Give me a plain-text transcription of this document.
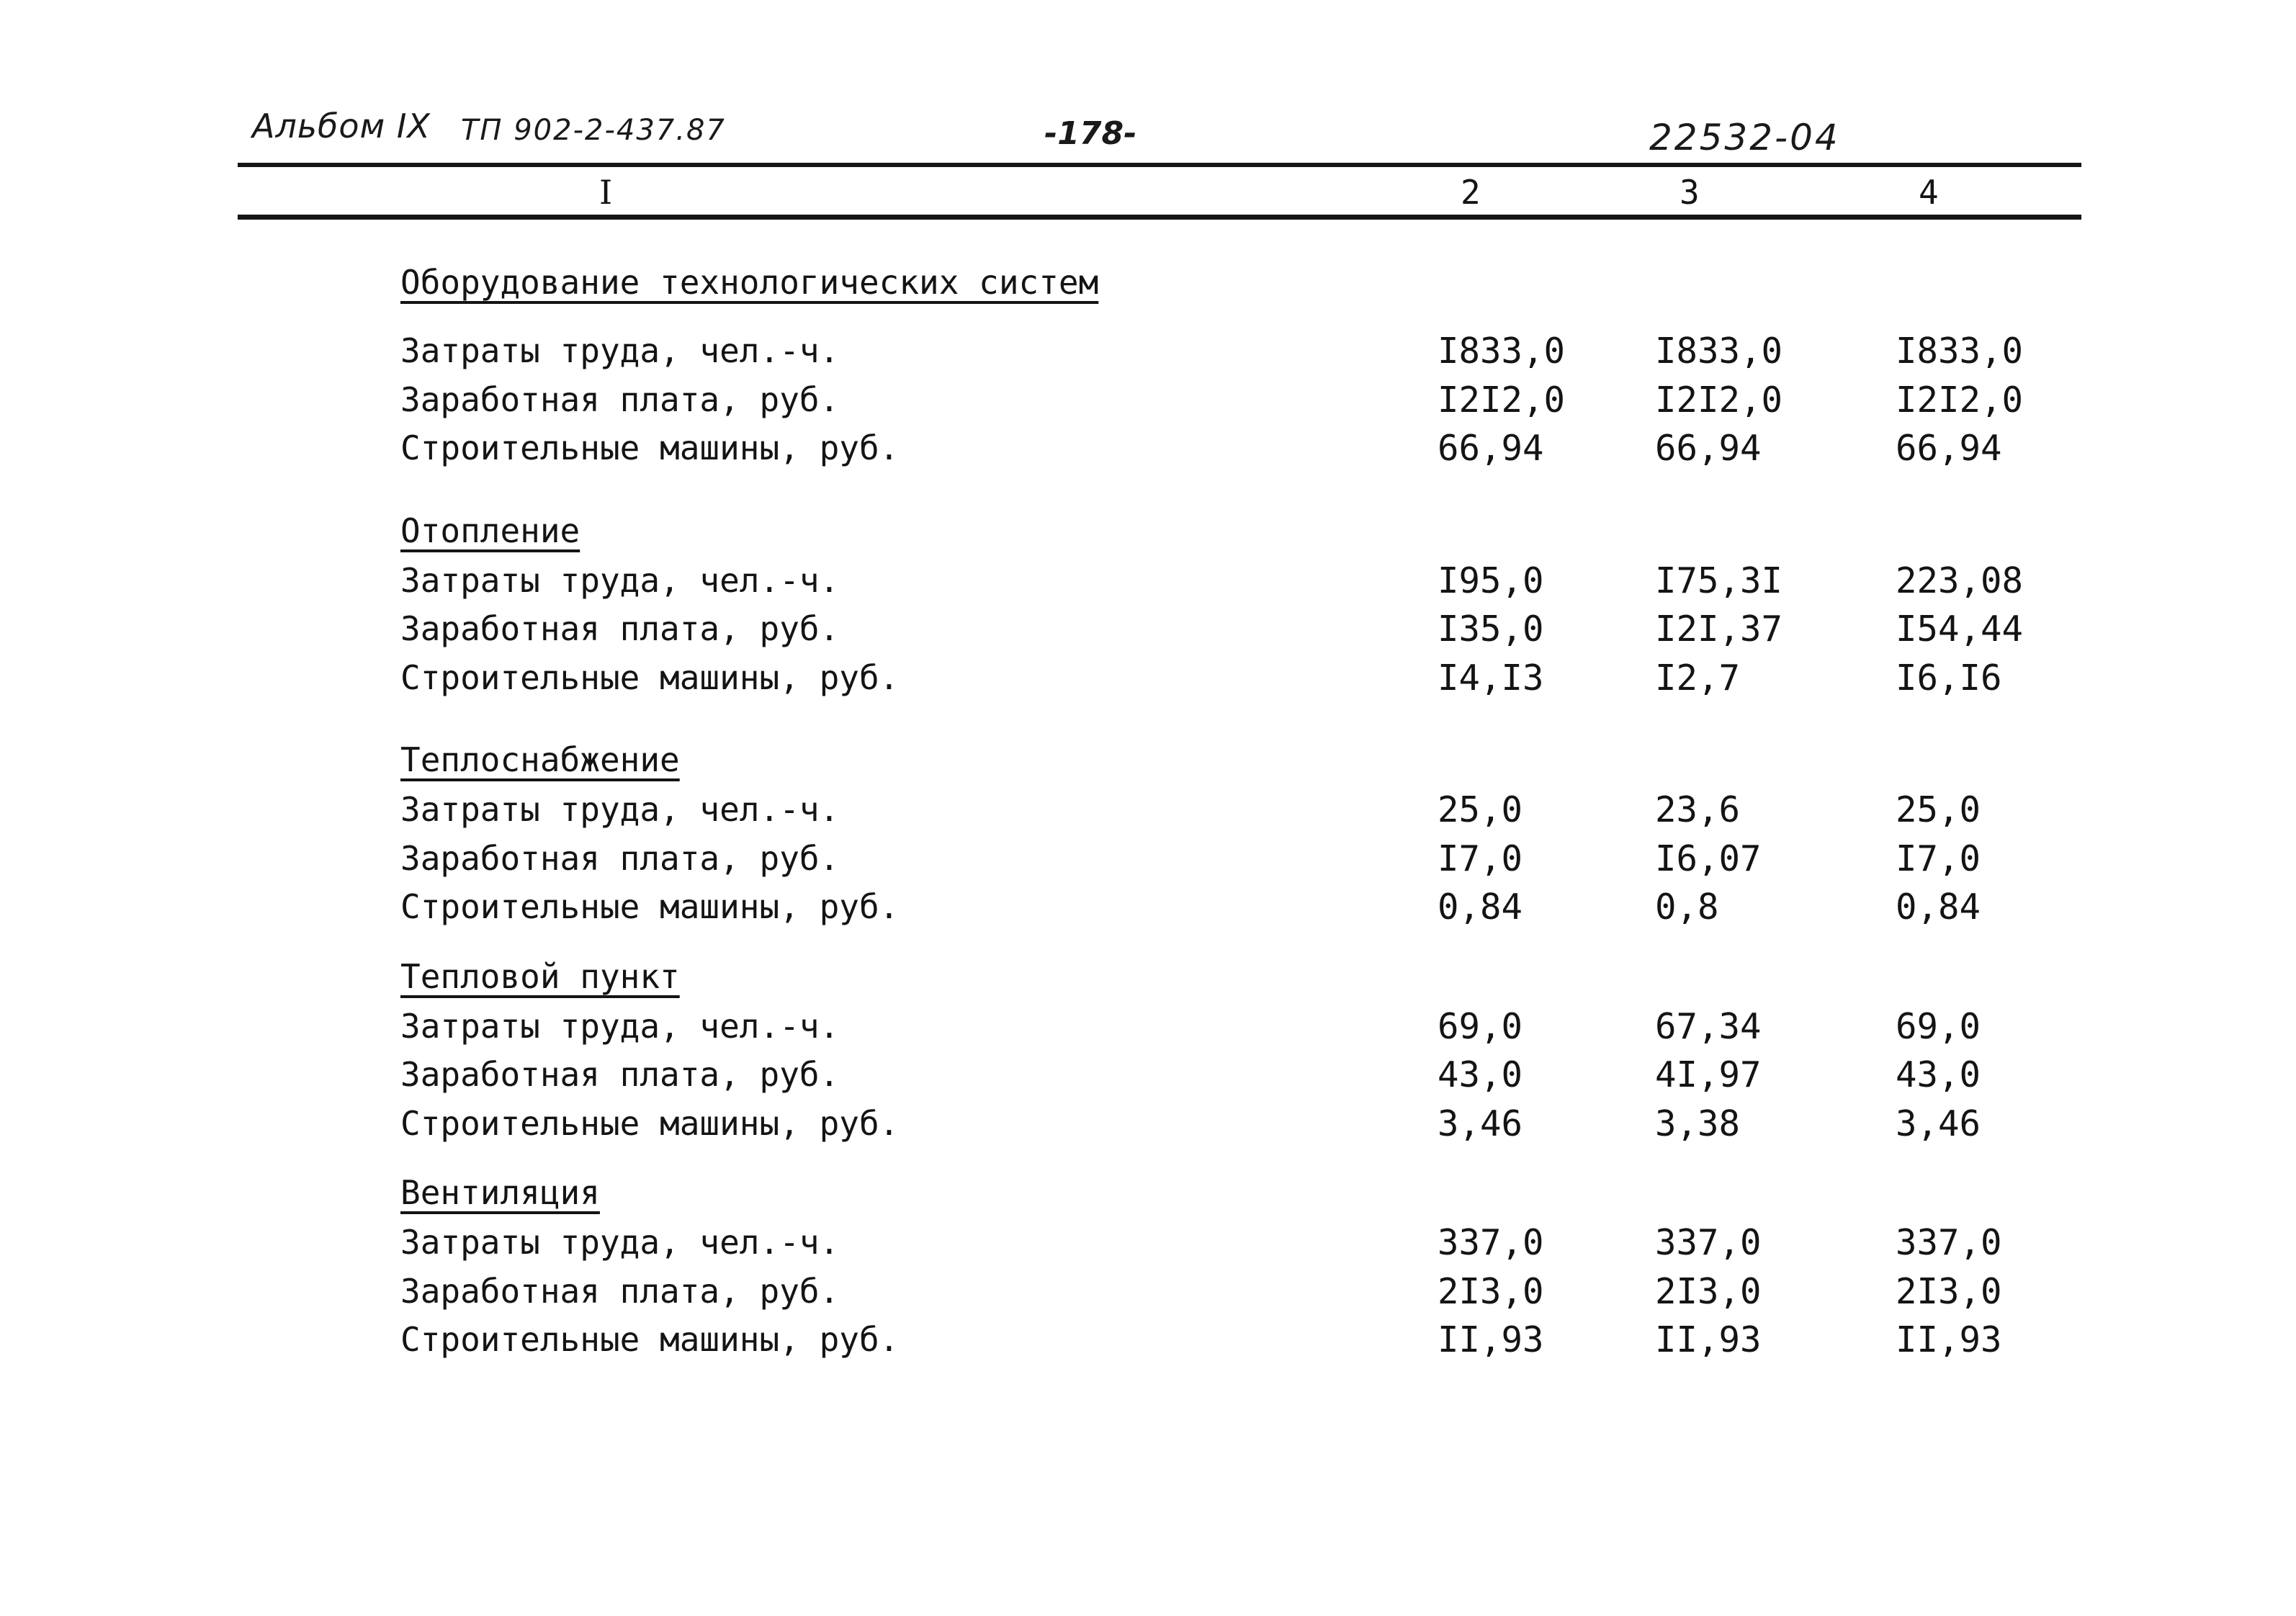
Альбом IX ТП 902-2-437.87	-178-	22532-04
I	2	3	4
Оборудование технологических систем
Затраты труда, чел.-ч.	I833,0	I833,0	I833,0
Заработная плата, руб.	I2I2,0	I2I2,0	I2I2,0
Строительные машины, руб.	66,94	66,94	66,94
Отопление
Затраты труда, чел.-ч.	I95,0	I75,3I	223,08
Заработная плата, руб.	I35,0	I2I,37	I54,44
Строительные машины, руб.	I4,I3	I2,7	I6,I6
Теплоснабжение
Затраты труда, чел.-ч.	25,0	23,6	25,0
Заработная плата, руб.	I7,0	I6,07	I7,0
Строительные машины, руб.	0,84	0,8	0,84
Тепловой пункт
Затраты труда, чел.-ч.	69,0	67,34	69,0
Заработная плата, руб.	43,0	4I,97	43,0
Строительные машины, руб.	3,46	3,38	3,46
Вентиляция
Затраты труда, чел.-ч.	337,0	337,0	337,0
Заработная плата, руб.	2I3,0	2I3,0	2I3,0
Строительные машины, руб.	II,93	II,93	II,93
